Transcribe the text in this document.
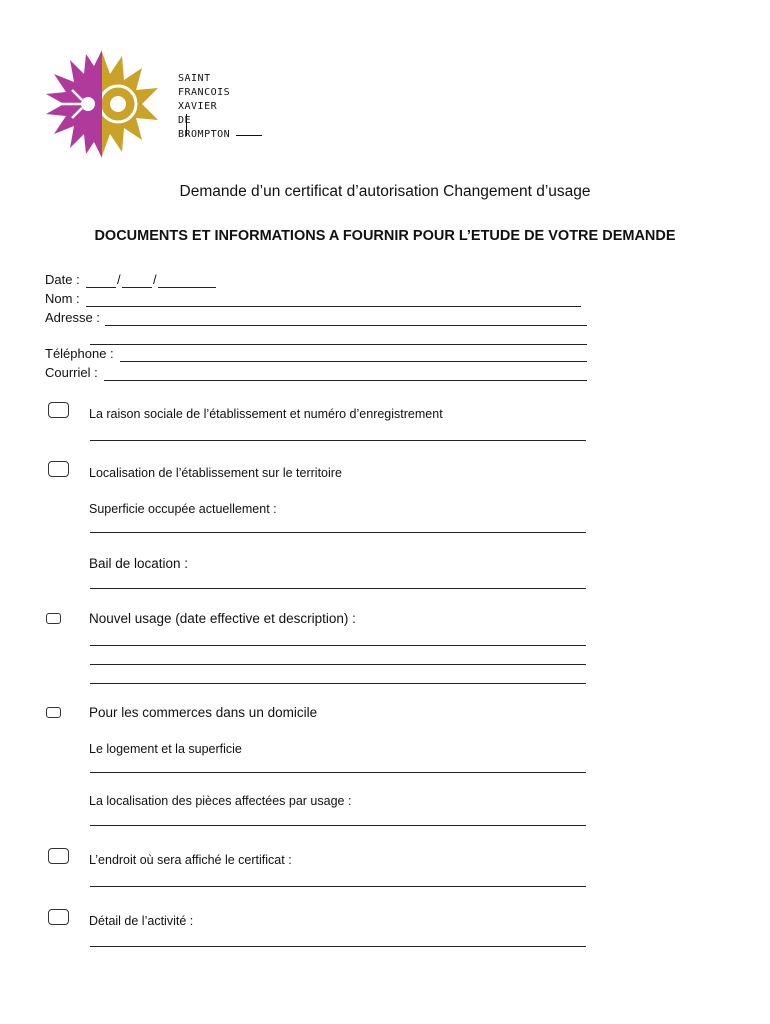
SAINT
FRANCOIS
XAVIER
DE
BROMPTON
Demande d’un certificat d’autorisation Changement d’usage
DOCUMENTS ET INFORMATIONS A FOURNIR POUR L’ETUDE DE VOTRE DEMANDE
Date :	/ /
Nom :
Adresse :
Téléphone :
Courriel :
La raison sociale de l’établissement et numéro d’enregistrement
Localisation de l’établissement sur le territoire
Superficie occupée actuellement :
Bail de location :
Nouvel usage (date effective et description) :
Pour les commerces dans un domicile
Le logement et la superficie
La localisation des pièces affectées par usage :
L’endroit où sera affiché le certificat :
Détail de l’activité :
